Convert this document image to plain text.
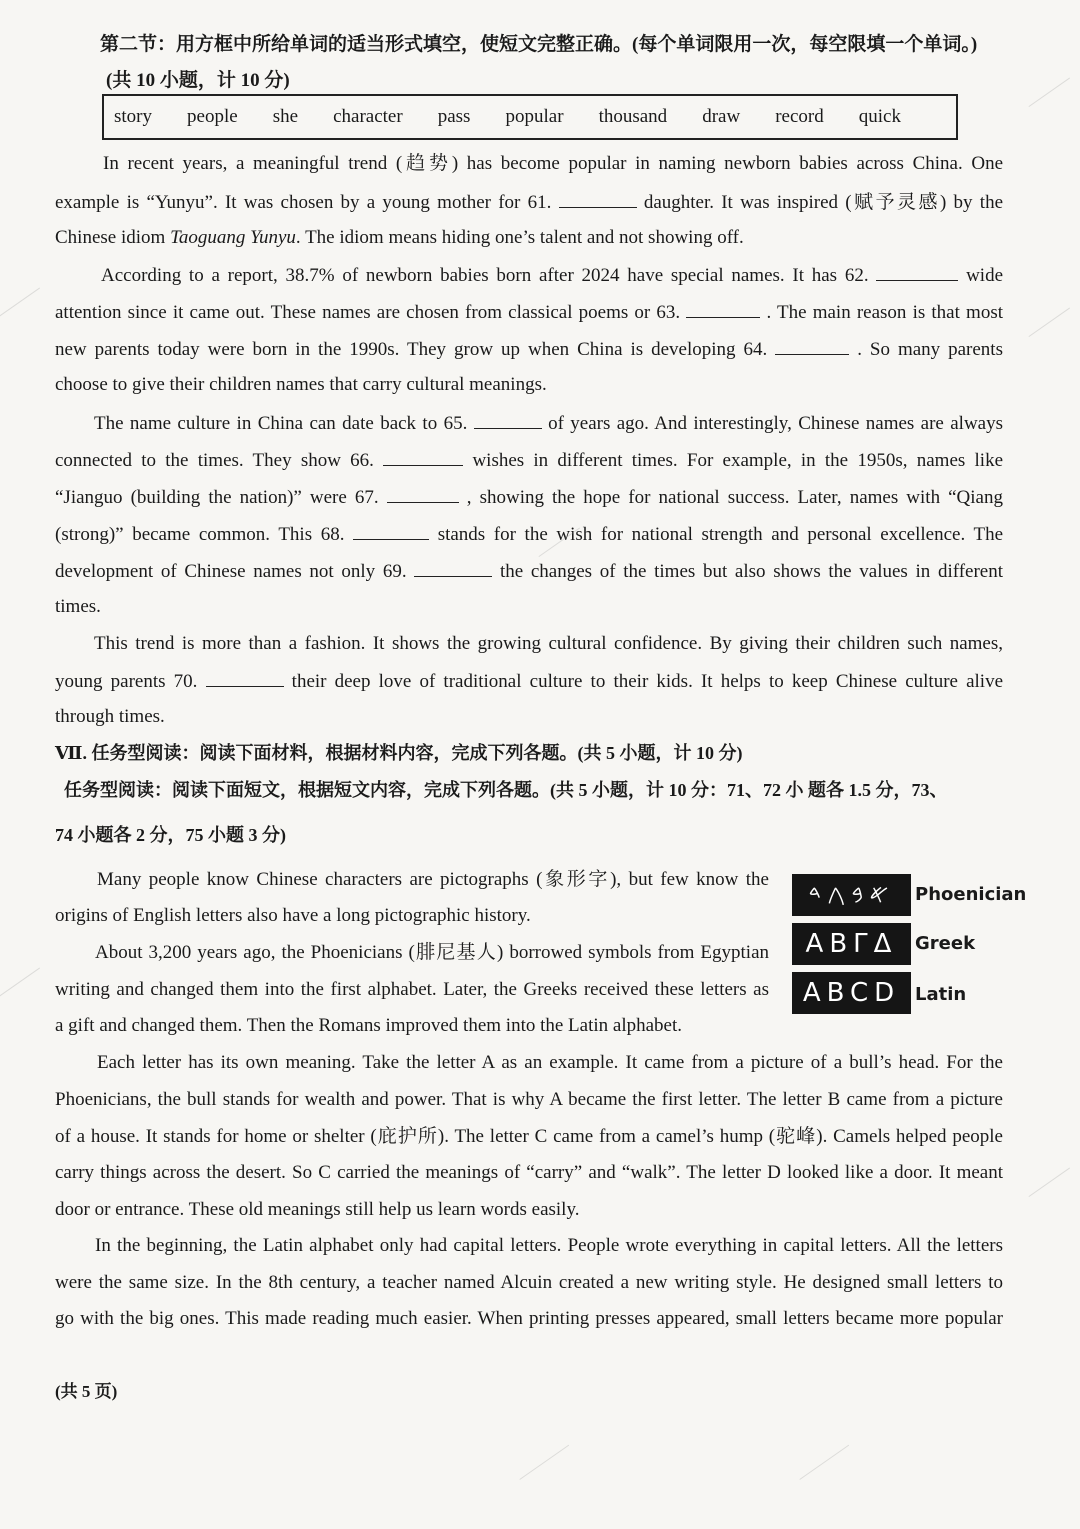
第二节：用方框中所给单词的适当形式填空，使短文完整正确。(每个单词限用一次，每空限填一个单词。)
(共 10 小题，计 10 分)
story people she character pass popular thousand draw record quick
In recent years, a meaningful trend (趋势) has become popular in naming newborn babies across China. One
example is “Yunyu”. It was chosen by a young mother for 61.	daughter. It was inspired (赋予灵感) by the
Chinese idiom Taoguang Yunyu. The idiom means hiding one’s talent and not showing off.
According to a report, 38.7% of newborn babies born after 2024 have special names. It has 62.	wide
attention since it came out. These names are chosen from classical poems or 63.	. The main reason is that most
new parents today were born in the 1990s. They grow up when China is developing 64.	. So many parents
choose to give their children names that carry cultural meanings.
The name culture in China can date back to 65.	of years ago. And interestingly, Chinese names are always
connected to the times. They show 66.	wishes in different times. For example, in the 1950s, names like
“Jianguo (building the nation)” were 67.	, showing the hope for national success. Later, names with “Qiang
(strong)” became common. This 68.	stands for the wish for national strength and personal excellence. The
development of Chinese names not only 69.	the changes of the times but also shows the values in different
times.
This trend is more than a fashion. It shows the growing cultural confidence. By giving their children such names,
young parents 70.	their deep love of traditional culture to their kids. It helps to keep Chinese culture alive
through times.
Ⅶ. 任务型阅读：阅读下面材料，根据材料内容，完成下列各题。(共 5 小题，计 10 分)
任务型阅读：阅读下面短文，根据短文内容，完成下列各题。(共 5 小题，计 10 分：71、72 小 题各 1.5 分，73、
74 小题各 2 分，75 小题 3 分)
𐤀𐤁𐤂𐤃	Phoenician
ΑΒΓΔ Greek
ABCD Latin
Many people know Chinese characters are pictographs (象形字), but few know the
origins of English letters also have a long pictographic history.
About 3,200 years ago, the Phoenicians (腓尼基人) borrowed symbols from Egyptian
writing and changed them into the first alphabet. Later, the Greeks received these letters as
a gift and changed them. Then the Romans improved them into the Latin alphabet.
Each letter has its own meaning. Take the letter A as an example. It came from a picture of a bull’s head. For the
Phoenicians, the bull stands for wealth and power. That is why A became the first letter. The letter B came from a picture
of a house. It stands for home or shelter (庇护所). The letter C came from a camel’s hump (驼峰). Camels helped people
carry things across the desert. So C carried the meanings of “carry” and “walk”. The letter D looked like a door. It meant
door or entrance. These old meanings still help us learn words easily.
In the beginning, the Latin alphabet only had capital letters. People wrote everything in capital letters. All the letters
were the same size. In the 8th century, a teacher named Alcuin created a new writing style. He designed small letters to
go with the big ones. This made reading much easier. When printing presses appeared, small letters became more popular
(共 5 页)
